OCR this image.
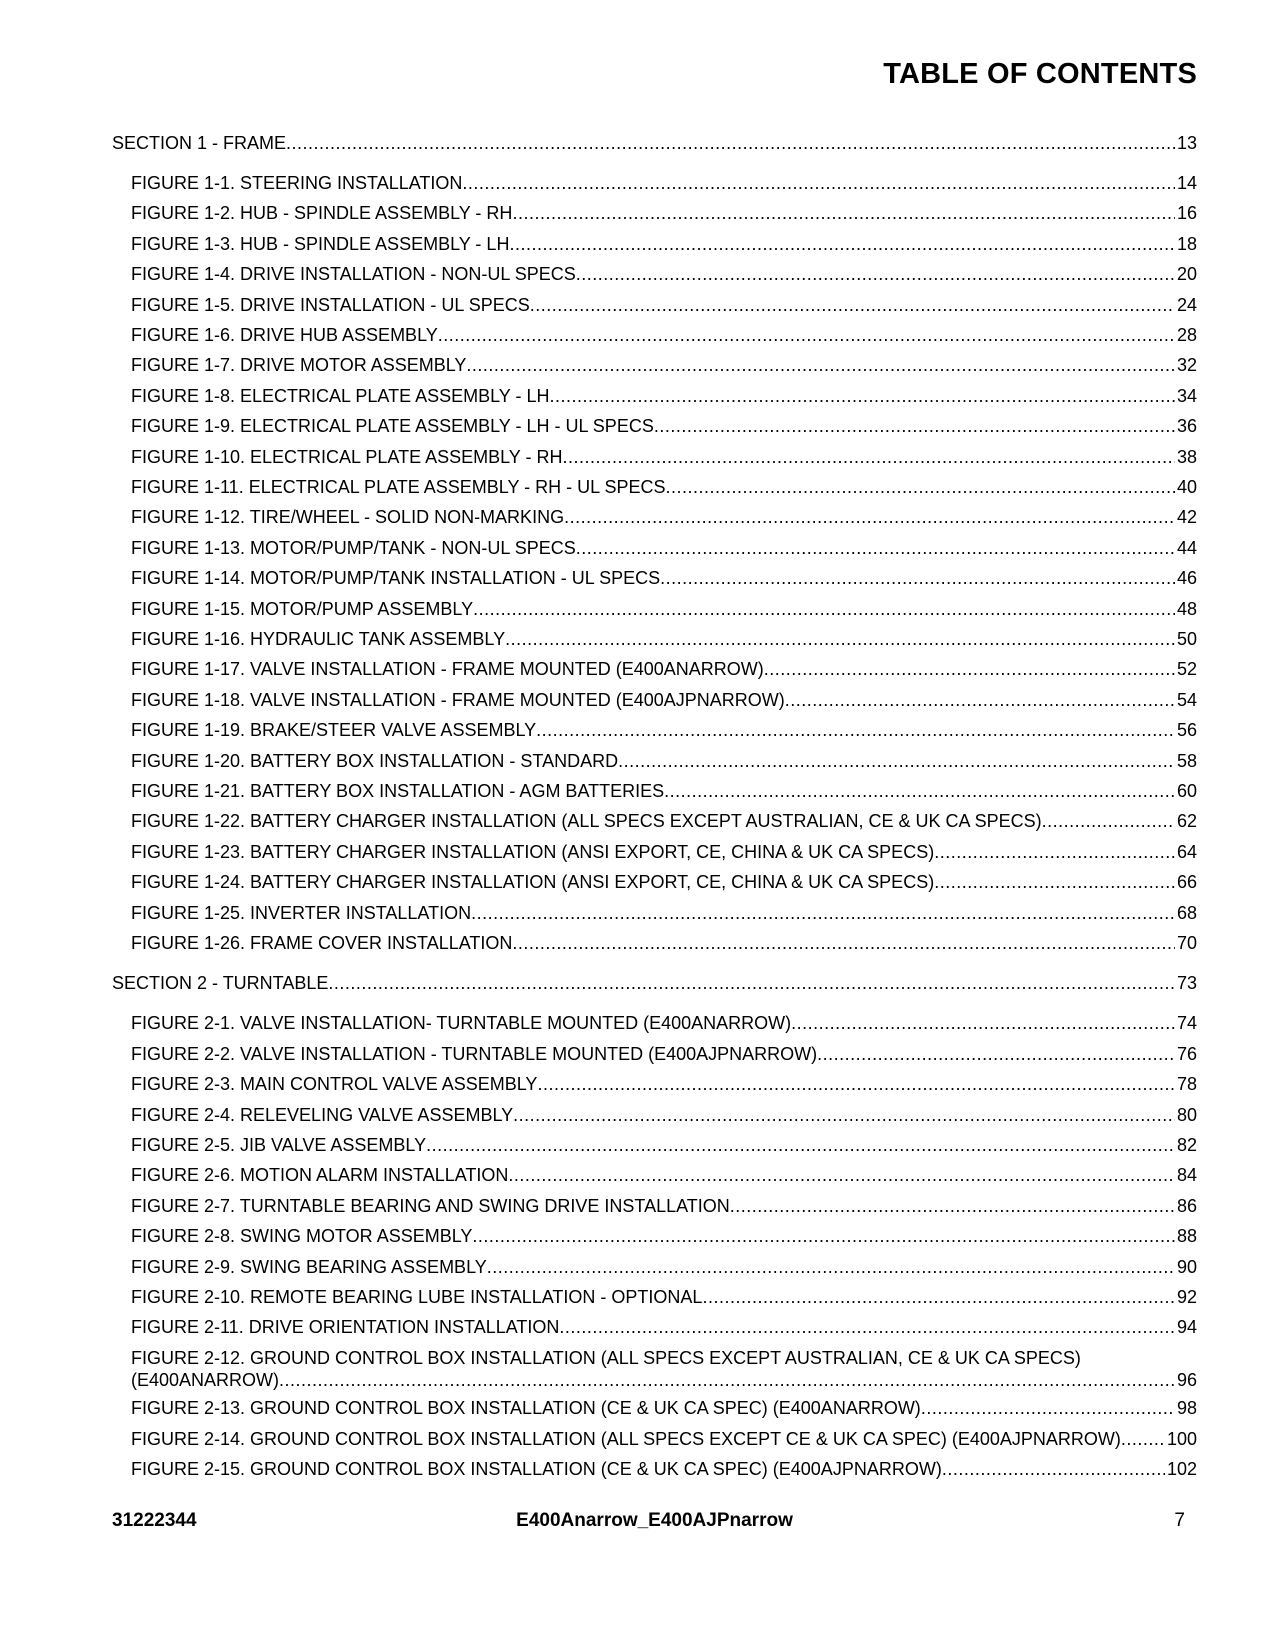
TABLE OF CONTENTS
SECTION 1 - FRAME .....	13
FIGURE 1-1. STEERING INSTALLATION .....	14
FIGURE 1-2. HUB - SPINDLE ASSEMBLY - RH .....	16
FIGURE 1-3. HUB - SPINDLE ASSEMBLY - LH .....	18
FIGURE 1-4. DRIVE INSTALLATION - NON-UL SPECS .....	20
FIGURE 1-5. DRIVE INSTALLATION - UL SPECS .....	24
FIGURE 1-6. DRIVE HUB ASSEMBLY .....	28
FIGURE 1-7. DRIVE MOTOR ASSEMBLY .....	32
FIGURE 1-8. ELECTRICAL PLATE ASSEMBLY - LH .....	34
FIGURE 1-9. ELECTRICAL PLATE ASSEMBLY - LH - UL SPECS .....	36
FIGURE 1-10. ELECTRICAL PLATE ASSEMBLY - RH .....	38
FIGURE 1-11. ELECTRICAL PLATE ASSEMBLY - RH - UL SPECS .....	40
FIGURE 1-12. TIRE/WHEEL - SOLID NON-MARKING .....	42
FIGURE 1-13. MOTOR/PUMP/TANK - NON-UL SPECS .....	44
FIGURE 1-14. MOTOR/PUMP/TANK INSTALLATION - UL SPECS .....	46
FIGURE 1-15. MOTOR/PUMP ASSEMBLY .....	48
FIGURE 1-16. HYDRAULIC TANK ASSEMBLY .....	50
FIGURE 1-17. VALVE INSTALLATION - FRAME MOUNTED (E400ANARROW) .....	52
FIGURE 1-18. VALVE INSTALLATION - FRAME MOUNTED (E400AJPNARROW) .....	54
FIGURE 1-19. BRAKE/STEER VALVE ASSEMBLY .....	56
FIGURE 1-20. BATTERY BOX INSTALLATION - STANDARD .....	58
FIGURE 1-21. BATTERY BOX INSTALLATION - AGM BATTERIES .....	60
FIGURE 1-22. BATTERY CHARGER INSTALLATION (ALL SPECS EXCEPT AUSTRALIAN, CE & UK CA SPECS) .....	62
FIGURE 1-23. BATTERY CHARGER INSTALLATION (ANSI EXPORT, CE, CHINA & UK CA SPECS) .....	64
FIGURE 1-24. BATTERY CHARGER INSTALLATION (ANSI EXPORT, CE, CHINA & UK CA SPECS) .....	66
FIGURE 1-25. INVERTER INSTALLATION .....	68
FIGURE 1-26. FRAME COVER INSTALLATION .....	70
SECTION 2 - TURNTABLE .....	73
FIGURE 2-1. VALVE INSTALLATION- TURNTABLE MOUNTED (E400ANARROW) .....	74
FIGURE 2-2. VALVE INSTALLATION - TURNTABLE MOUNTED (E400AJPNARROW) .....	76
FIGURE 2-3. MAIN CONTROL VALVE ASSEMBLY .....	78
FIGURE 2-4. RELEVELING VALVE ASSEMBLY .....	80
FIGURE 2-5. JIB VALVE ASSEMBLY .....	82
FIGURE 2-6. MOTION ALARM INSTALLATION .....	84
FIGURE 2-7. TURNTABLE BEARING AND SWING DRIVE INSTALLATION .....	86
FIGURE 2-8. SWING MOTOR ASSEMBLY .....	88
FIGURE 2-9. SWING BEARING ASSEMBLY .....	90
FIGURE 2-10. REMOTE BEARING LUBE INSTALLATION - OPTIONAL .....	92
FIGURE 2-11. DRIVE ORIENTATION INSTALLATION .....	94
FIGURE 2-12. GROUND CONTROL BOX INSTALLATION (ALL SPECS EXCEPT AUSTRALIAN, CE & UK CA SPECS)
(E400ANARROW) .....	96
FIGURE 2-13. GROUND CONTROL BOX INSTALLATION (CE & UK CA SPEC) (E400ANARROW) .....	98
FIGURE 2-14. GROUND CONTROL BOX INSTALLATION (ALL SPECS EXCEPT CE & UK CA SPEC) (E400AJPNARROW) .....	100
FIGURE 2-15. GROUND CONTROL BOX INSTALLATION (CE & UK CA SPEC) (E400AJPNARROW) .....	102
31222344	E400Anarrow_E400AJPnarrow	7
